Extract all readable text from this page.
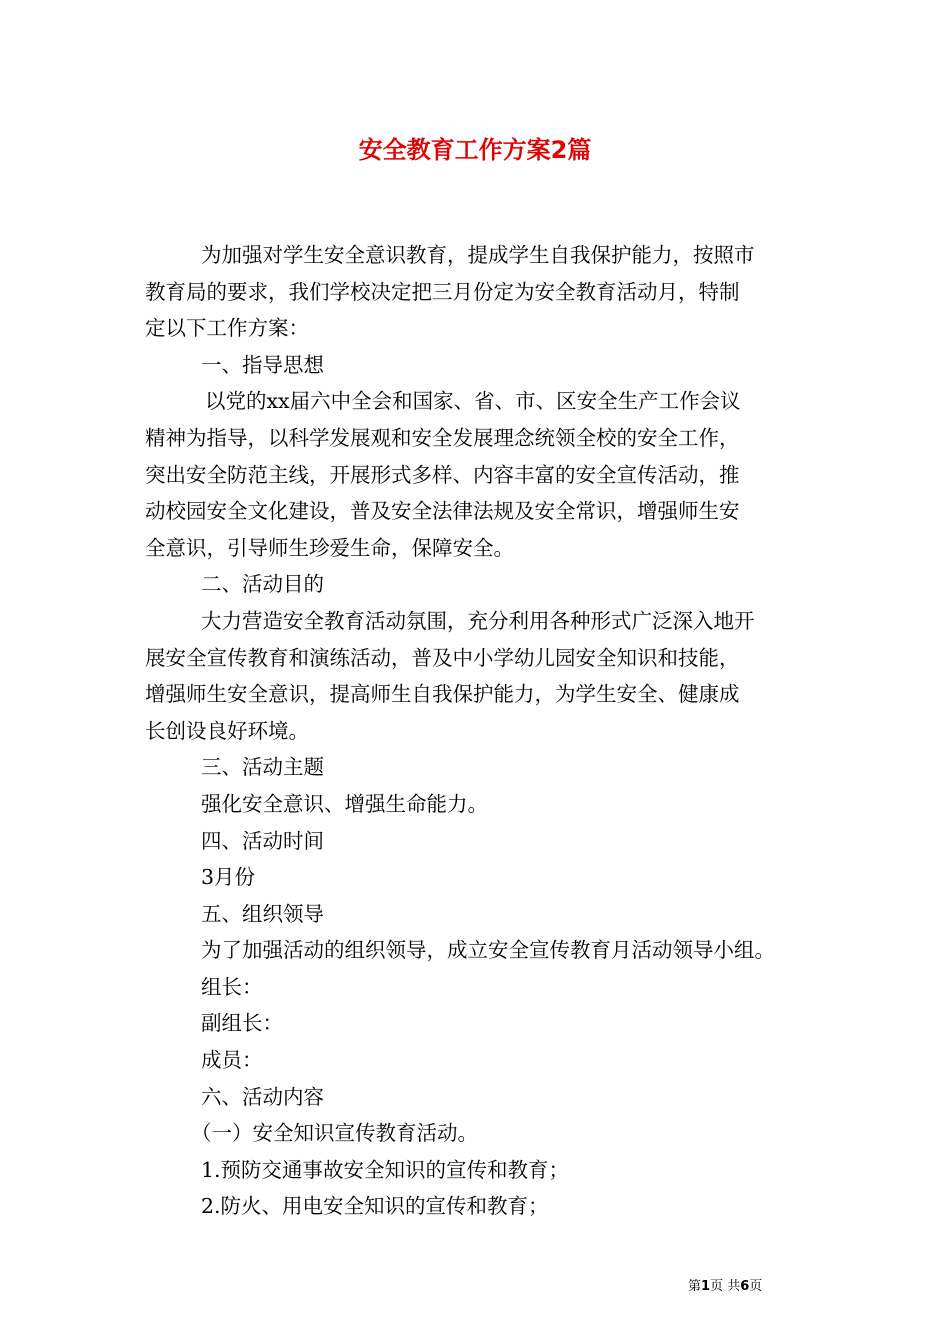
安全教育工作方案2篇
为加强对学生安全意识教育，提成学生自我保护能力，按照市
教育局的要求，我们学校决定把三月份定为安全教育活动月，特制
定以下工作方案：
一、指导思想
以党的xx届六中全会和国家、省、市、区安全生产工作会议
精神为指导，以科学发展观和安全发展理念统领全校的安全工作，
突出安全防范主线，开展形式多样、内容丰富的安全宣传活动，推
动校园安全文化建设，普及安全法律法规及安全常识，增强师生安
全意识，引导师生珍爱生命，保障安全。
二、活动目的
大力营造安全教育活动氛围，充分利用各种形式广泛深入地开
展安全宣传教育和演练活动，普及中小学幼儿园安全知识和技能，
增强师生安全意识，提高师生自我保护能力，为学生安全、健康成
长创设良好环境。
三、活动主题
强化安全意识、增强生命能力。
四、活动时间
3月份
五、组织领导
为了加强活动的组织领导，成立安全宣传教育月活动领导小组。
组长：
副组长：
成员：
六、活动内容
（一）安全知识宣传教育活动。
1.预防交通事故安全知识的宣传和教育；
2.防火、用电安全知识的宣传和教育；
第1页 共6页
